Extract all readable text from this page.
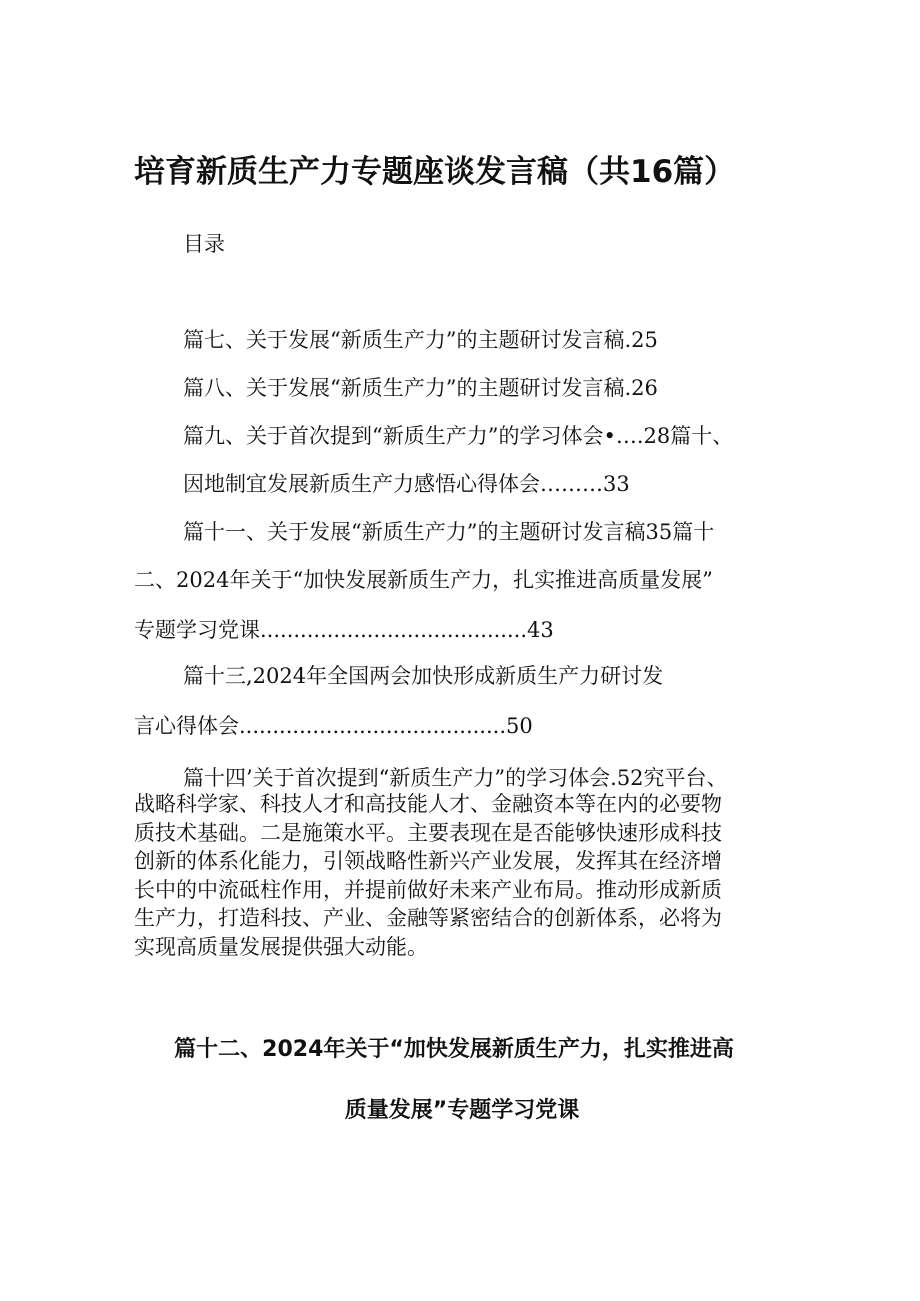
培育新质生产力专题座谈发言稿（共16篇）
目录
篇七、关于发展“新质生产力”的主题研讨发言稿.25
篇八、关于发展“新质生产力”的主题研讨发言稿.26
篇九、关于首次提到“新质生产力”的学习体会•….28篇十、
因地制宜发展新质生产力感悟心得体会………33
篇十一、关于发展“新质生产力”的主题研讨发言稿35篇十
二、2024年关于“加快发展新质生产力，扎实推进高质量发展”
专题学习党课........................................43
篇十三,2024年全国两会加快形成新质生产力研讨发
言心得体会........................................50
篇十四’关于首次提到“新质生产力”的学习体会.52究平台、
战略科学家、科技人才和高技能人才、金融资本等在内的必要物
质技术基础。二是施策水平。主要表现在是否能够快速形成科技
创新的体系化能力，引领战略性新兴产业发展，发挥其在经济增
长中的中流砥柱作用，并提前做好未来产业布局。推动形成新质
生产力，打造科技、产业、金融等紧密结合的创新体系，必将为
实现高质量发展提供强大动能。
篇十二、2024年关于“加快发展新质生产力，扎实推进高
质量发展”专题学习党课
